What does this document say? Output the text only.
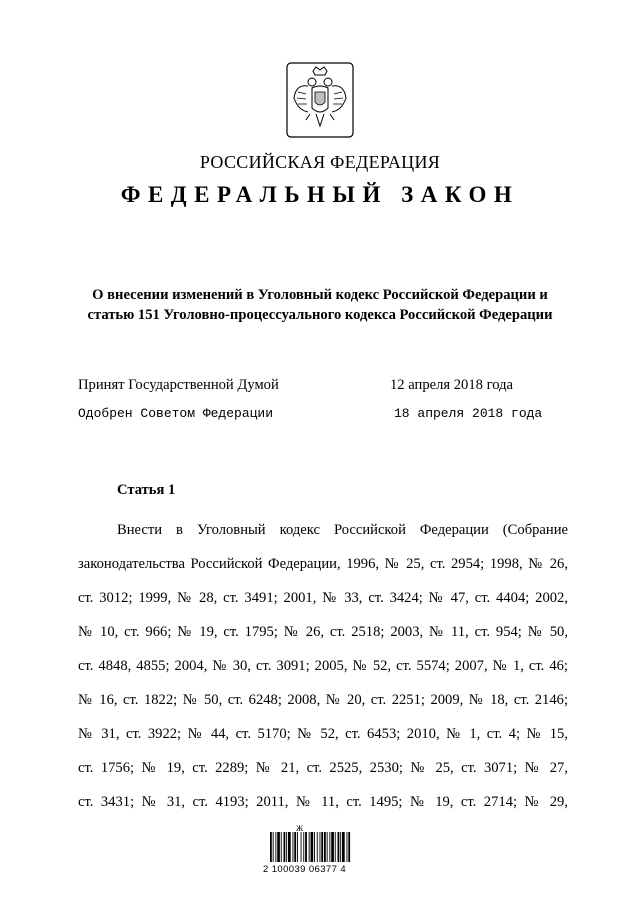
РОССИЙСКАЯ ФЕДЕРАЦИЯ
ФЕДЕРАЛЬНЫЙ ЗАКОН
О внесении изменений в Уголовный кодекс Российской Федерации и
статью 151 Уголовно-процессуального кодекса Российской Федерации
Принят Государственной Думой	12 апреля 2018 года
Одобрен Советом Федерации	18 апреля 2018 года
Статья 1
Внести в Уголовный кодекс Российской Федерации (Собрание
законодательства Российской Федерации, 1996, № 25, ст. 2954; 1998, № 26,
ст. 3012; 1999, № 28, ст. 3491; 2001, № 33, ст. 3424; № 47, ст. 4404; 2002,
№ 10, ст. 966; № 19, ст. 1795; № 26, ст. 2518; 2003, № 11, ст. 954; № 50,
ст. 4848, 4855; 2004, № 30, ст. 3091; 2005, № 52, ст. 5574; 2007, № 1, ст. 46;
№ 16, ст. 1822; № 50, ст. 6248; 2008, № 20, ст. 2251; 2009, № 18, ст. 2146;
№ 31, ст. 3922; № 44, ст. 5170; № 52, ст. 6453; 2010, № 1, ст. 4; № 15,
ст. 1756; № 19, ст. 2289; № 21, ст. 2525, 2530; № 25, ст. 3071; № 27,
ст. 3431; № 31, ст. 4193; 2011, № 11, ст. 1495; № 19, ст. 2714; № 29,
Ж
2 100039 06377 4
